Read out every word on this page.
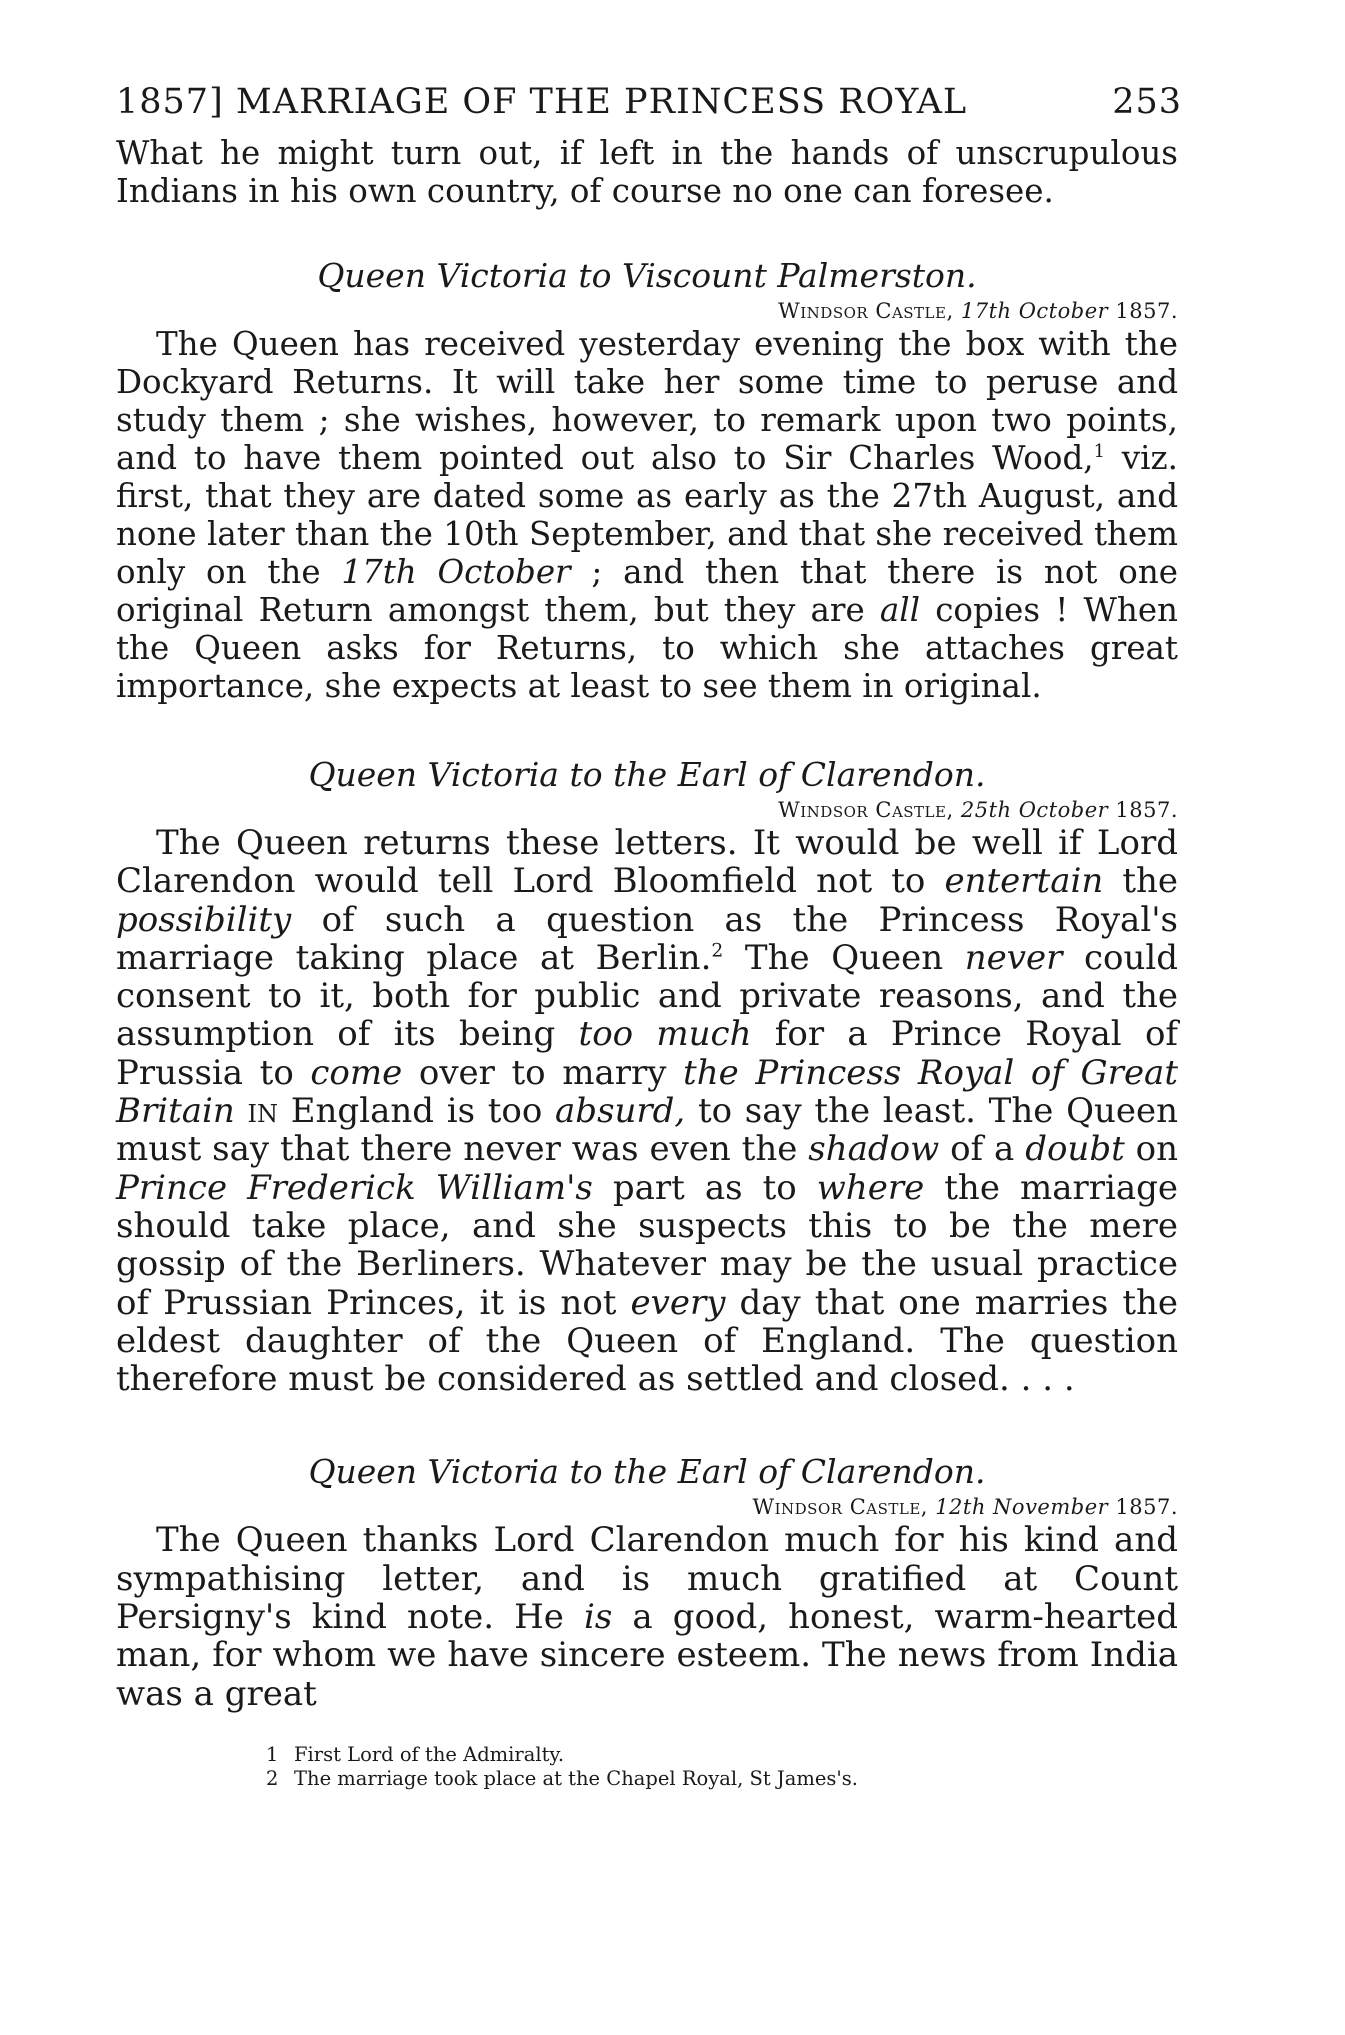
1857] MARRIAGE OF THE PRINCESS ROYAL	253

What he might turn out, if left in the hands of unscrupulous Indians in his own country, of course no one can foresee.

Queen Victoria to Viscount Palmerston.

Windsor Castle, 17th October 1857.

The Queen has received yesterday evening the box with the Dockyard Returns. It will take her some time to peruse and study them ; she wishes, however, to remark upon two points, and to have them pointed out also to Sir Charles Wood,$^1$ viz. first, that they are dated some as early as the 27th August, and none later than the 10th September, and that she received them only on the 17th October ; and then that there is not one original Return amongst them, but they are all copies ! When the Queen asks for Returns, to which she attaches great importance, she expects at least to see them in original.

Queen Victoria to the Earl of Clarendon.

Windsor Castle, 25th October 1857.

The Queen returns these letters. It would be well if Lord Clarendon would tell Lord Bloomfield not to entertain the possibility of such a question as the Princess Royal's marriage taking place at Berlin.$^2$ The Queen never could consent to it, both for public and private reasons, and the assumption of its being too much for a Prince Royal of Prussia to come over to marry the Princess Royal of Great Britain in England is too absurd, to say the least. The Queen must say that there never was even the shadow of a doubt on Prince Frederick William's part as to where the marriage should take place, and she suspects this to be the mere gossip of the Berliners. Whatever may be the usual practice of Prussian Princes, it is not every day that one marries the eldest daughter of the Queen of England. The question therefore must be considered as settled and closed. . . .

Queen Victoria to the Earl of Clarendon.

Windsor Castle, 12th November 1857.

The Queen thanks Lord Clarendon much for his kind and sympathising letter, and is much gratified at Count Persigny's kind note. He is a good, honest, warm-hearted man, for whom we have sincere esteem. The news from India was a great

1 First Lord of the Admiralty.
2 The marriage took place at the Chapel Royal, St James's.
